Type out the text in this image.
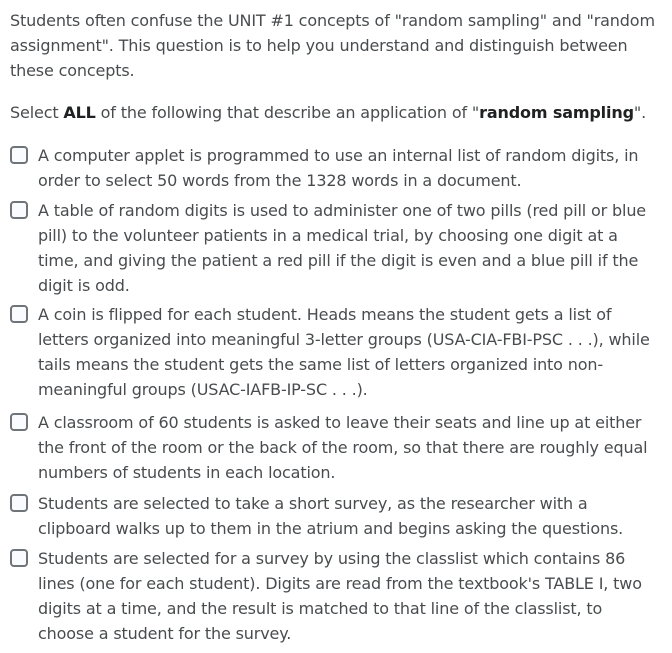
Students often confuse the UNIT #1 concepts of "random sampling" and "random assignment". This question is to help you understand and distinguish between these concepts.

Select ALL of the following that describe an application of "random sampling".

A computer applet is programmed to use an internal list of random digits, in order to select 50 words from the 1328 words in a document.
A table of random digits is used to administer one of two pills (red pill or blue pill) to the volunteer patients in a medical trial, by choosing one digit at a time, and giving the patient a red pill if the digit is even and a blue pill if the digit is odd.
A coin is flipped for each student. Heads means the student gets a list of letters organized into meaningful 3-letter groups (USA-CIA-FBI-PSC . . .), while tails means the student gets the same list of letters organized into non-meaningful groups (USAC-IAFB-IP-SC . . .).
A classroom of 60 students is asked to leave their seats and line up at either the front of the room or the back of the room, so that there are roughly equal numbers of students in each location.
Students are selected to take a short survey, as the researcher with a clipboard walks up to them in the atrium and begins asking the questions.
Students are selected for a survey by using the classlist which contains 86 lines (one for each student). Digits are read from the textbook's TABLE I, two digits at a time, and the result is matched to that line of the classlist, to choose a student for the survey.
